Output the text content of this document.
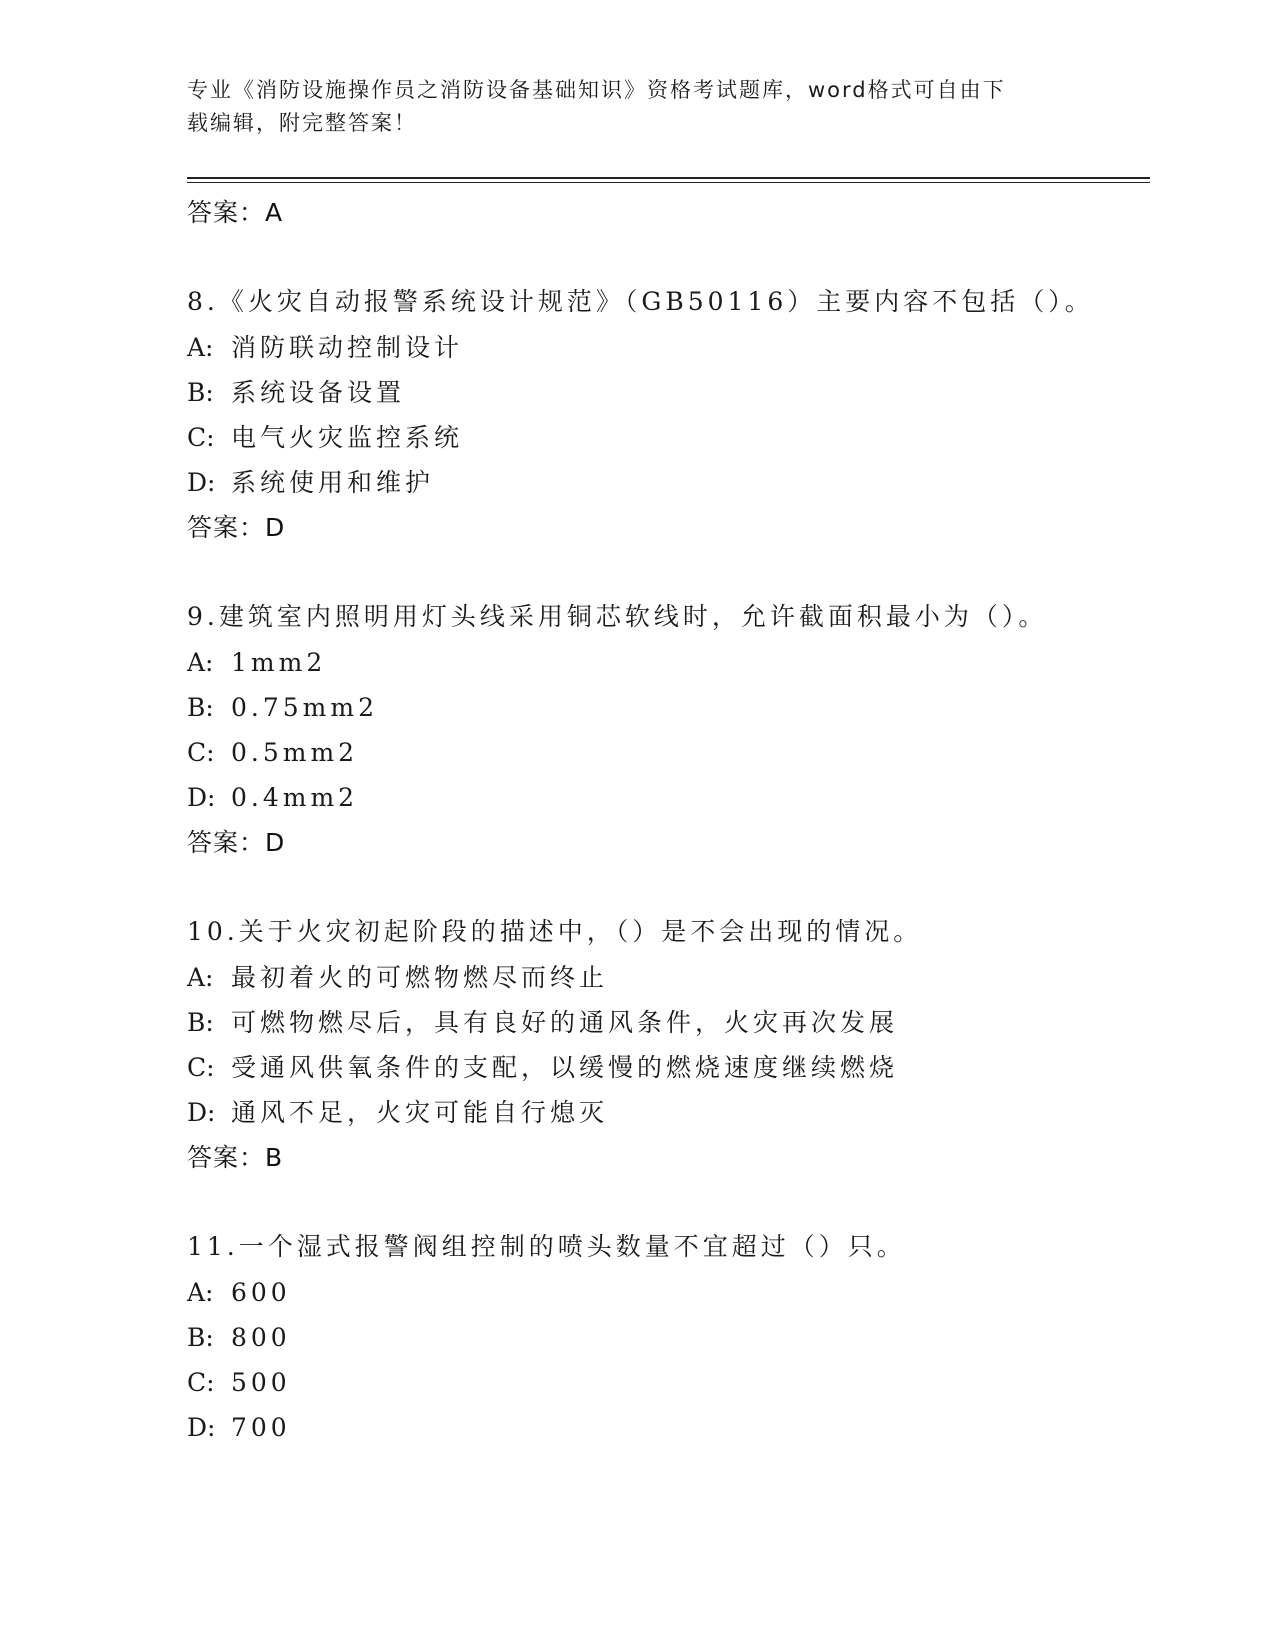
专业《消防设施操作员之消防设备基础知识》资格考试题库，word格式可自由下
载编辑，附完整答案！
答案：A
8.《火灾自动报警系统设计规范》（GB50116）主要内容不包括（）。
A: 消防联动控制设计
B: 系统设备设置
C: 电气火灾监控系统
D: 系统使用和维护
答案：D
9.建筑室内照明用灯头线采用铜芯软线时，允许截面积最小为（）。
A: 1mm2
B: 0.75mm2
C: 0.5mm2
D: 0.4mm2
答案：D
10.关于火灾初起阶段的描述中，（）是不会出现的情况。
A: 最初着火的可燃物燃尽而终止
B: 可燃物燃尽后，具有良好的通风条件，火灾再次发展
C: 受通风供氧条件的支配，以缓慢的燃烧速度继续燃烧
D: 通风不足，火灾可能自行熄灭
答案：B
11.一个湿式报警阀组控制的喷头数量不宜超过（）只。
A: 600
B: 800
C: 500
D: 700
